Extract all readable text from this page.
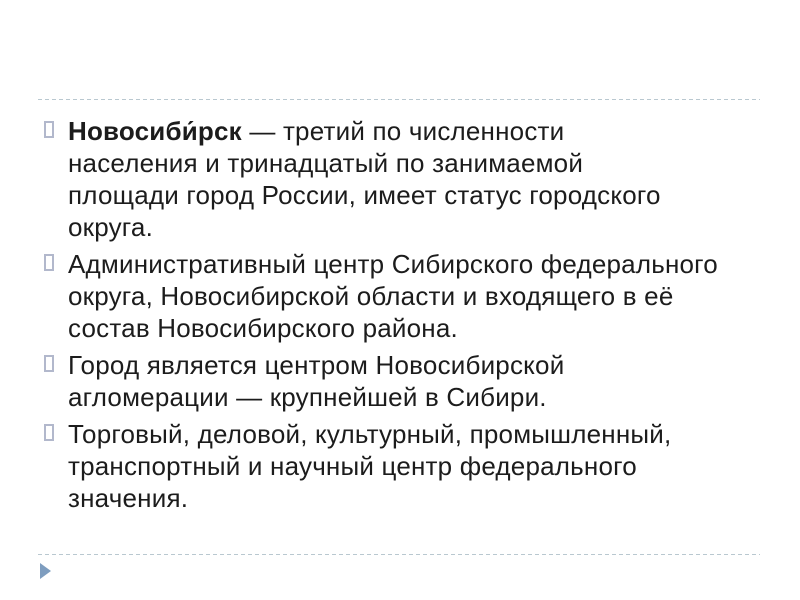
Новосиби́рск — третий по численности
населения и тринадцатый по занимаемой
площади город России, имеет статус городского
округа.
Административный центр Сибирского федерального
округа, Новосибирской области и входящего в её
состав Новосибирского района.
Город является центром Новосибирской
агломерации — крупнейшей в Сибири.
Торговый, деловой, культурный, промышленный,
транспортный и научный центр федерального
значения.
